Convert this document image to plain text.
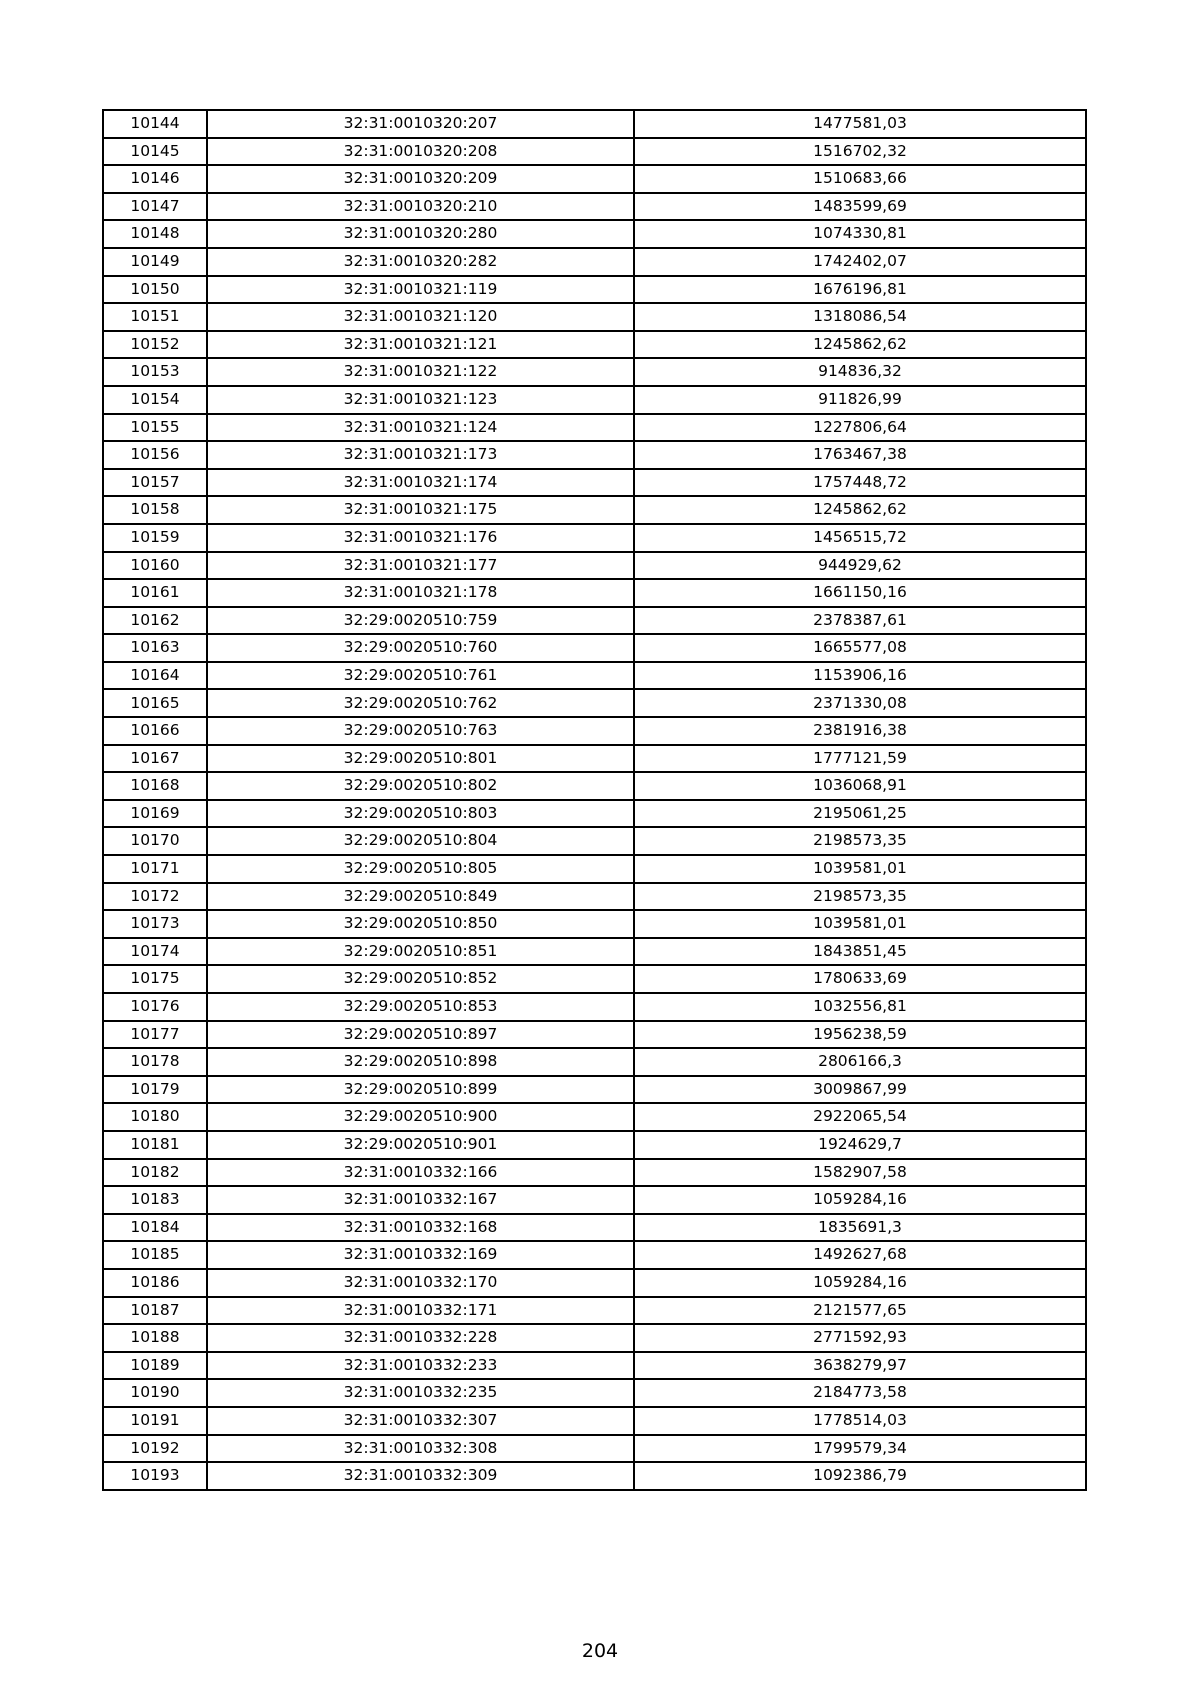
10144	32:31:0010320:207	1477581,03
10145	32:31:0010320:208	1516702,32
10146	32:31:0010320:209	1510683,66
10147	32:31:0010320:210	1483599,69
10148	32:31:0010320:280	1074330,81
10149	32:31:0010320:282	1742402,07
10150	32:31:0010321:119	1676196,81
10151	32:31:0010321:120	1318086,54
10152	32:31:0010321:121	1245862,62
10153	32:31:0010321:122	914836,32
10154	32:31:0010321:123	911826,99
10155	32:31:0010321:124	1227806,64
10156	32:31:0010321:173	1763467,38
10157	32:31:0010321:174	1757448,72
10158	32:31:0010321:175	1245862,62
10159	32:31:0010321:176	1456515,72
10160	32:31:0010321:177	944929,62
10161	32:31:0010321:178	1661150,16
10162	32:29:0020510:759	2378387,61
10163	32:29:0020510:760	1665577,08
10164	32:29:0020510:761	1153906,16
10165	32:29:0020510:762	2371330,08
10166	32:29:0020510:763	2381916,38
10167	32:29:0020510:801	1777121,59
10168	32:29:0020510:802	1036068,91
10169	32:29:0020510:803	2195061,25
10170	32:29:0020510:804	2198573,35
10171	32:29:0020510:805	1039581,01
10172	32:29:0020510:849	2198573,35
10173	32:29:0020510:850	1039581,01
10174	32:29:0020510:851	1843851,45
10175	32:29:0020510:852	1780633,69
10176	32:29:0020510:853	1032556,81
10177	32:29:0020510:897	1956238,59
10178	32:29:0020510:898	2806166,3
10179	32:29:0020510:899	3009867,99
10180	32:29:0020510:900	2922065,54
10181	32:29:0020510:901	1924629,7
10182	32:31:0010332:166	1582907,58
10183	32:31:0010332:167	1059284,16
10184	32:31:0010332:168	1835691,3
10185	32:31:0010332:169	1492627,68
10186	32:31:0010332:170	1059284,16
10187	32:31:0010332:171	2121577,65
10188	32:31:0010332:228	2771592,93
10189	32:31:0010332:233	3638279,97
10190	32:31:0010332:235	2184773,58
10191	32:31:0010332:307	1778514,03
10192	32:31:0010332:308	1799579,34
10193	32:31:0010332:309	1092386,79
204
